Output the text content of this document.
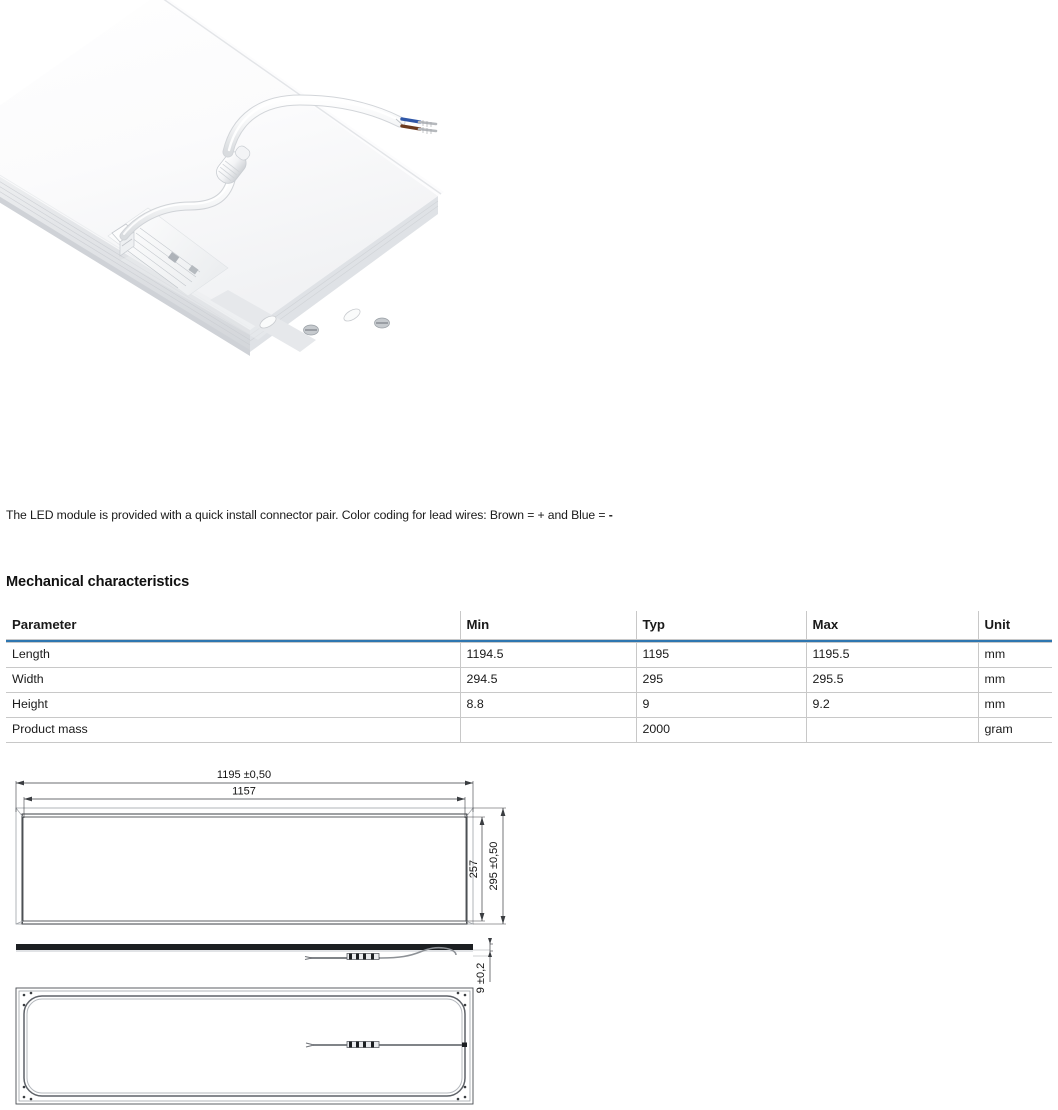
The LED module is provided with a quick install connector pair. Color coding for lead wires: Brown = + and Blue = -
Mechanical characteristics

Parameter	Min	Typ	Max	Unit
Length	1194.5	1195	1195.5	mm
Width	294.5	295	295.5	mm
Height	8.8	9	9.2	mm
Product mass		2000		gram
1195 ±0,50
1157
257 295 ±0,50
9 ±0,2
